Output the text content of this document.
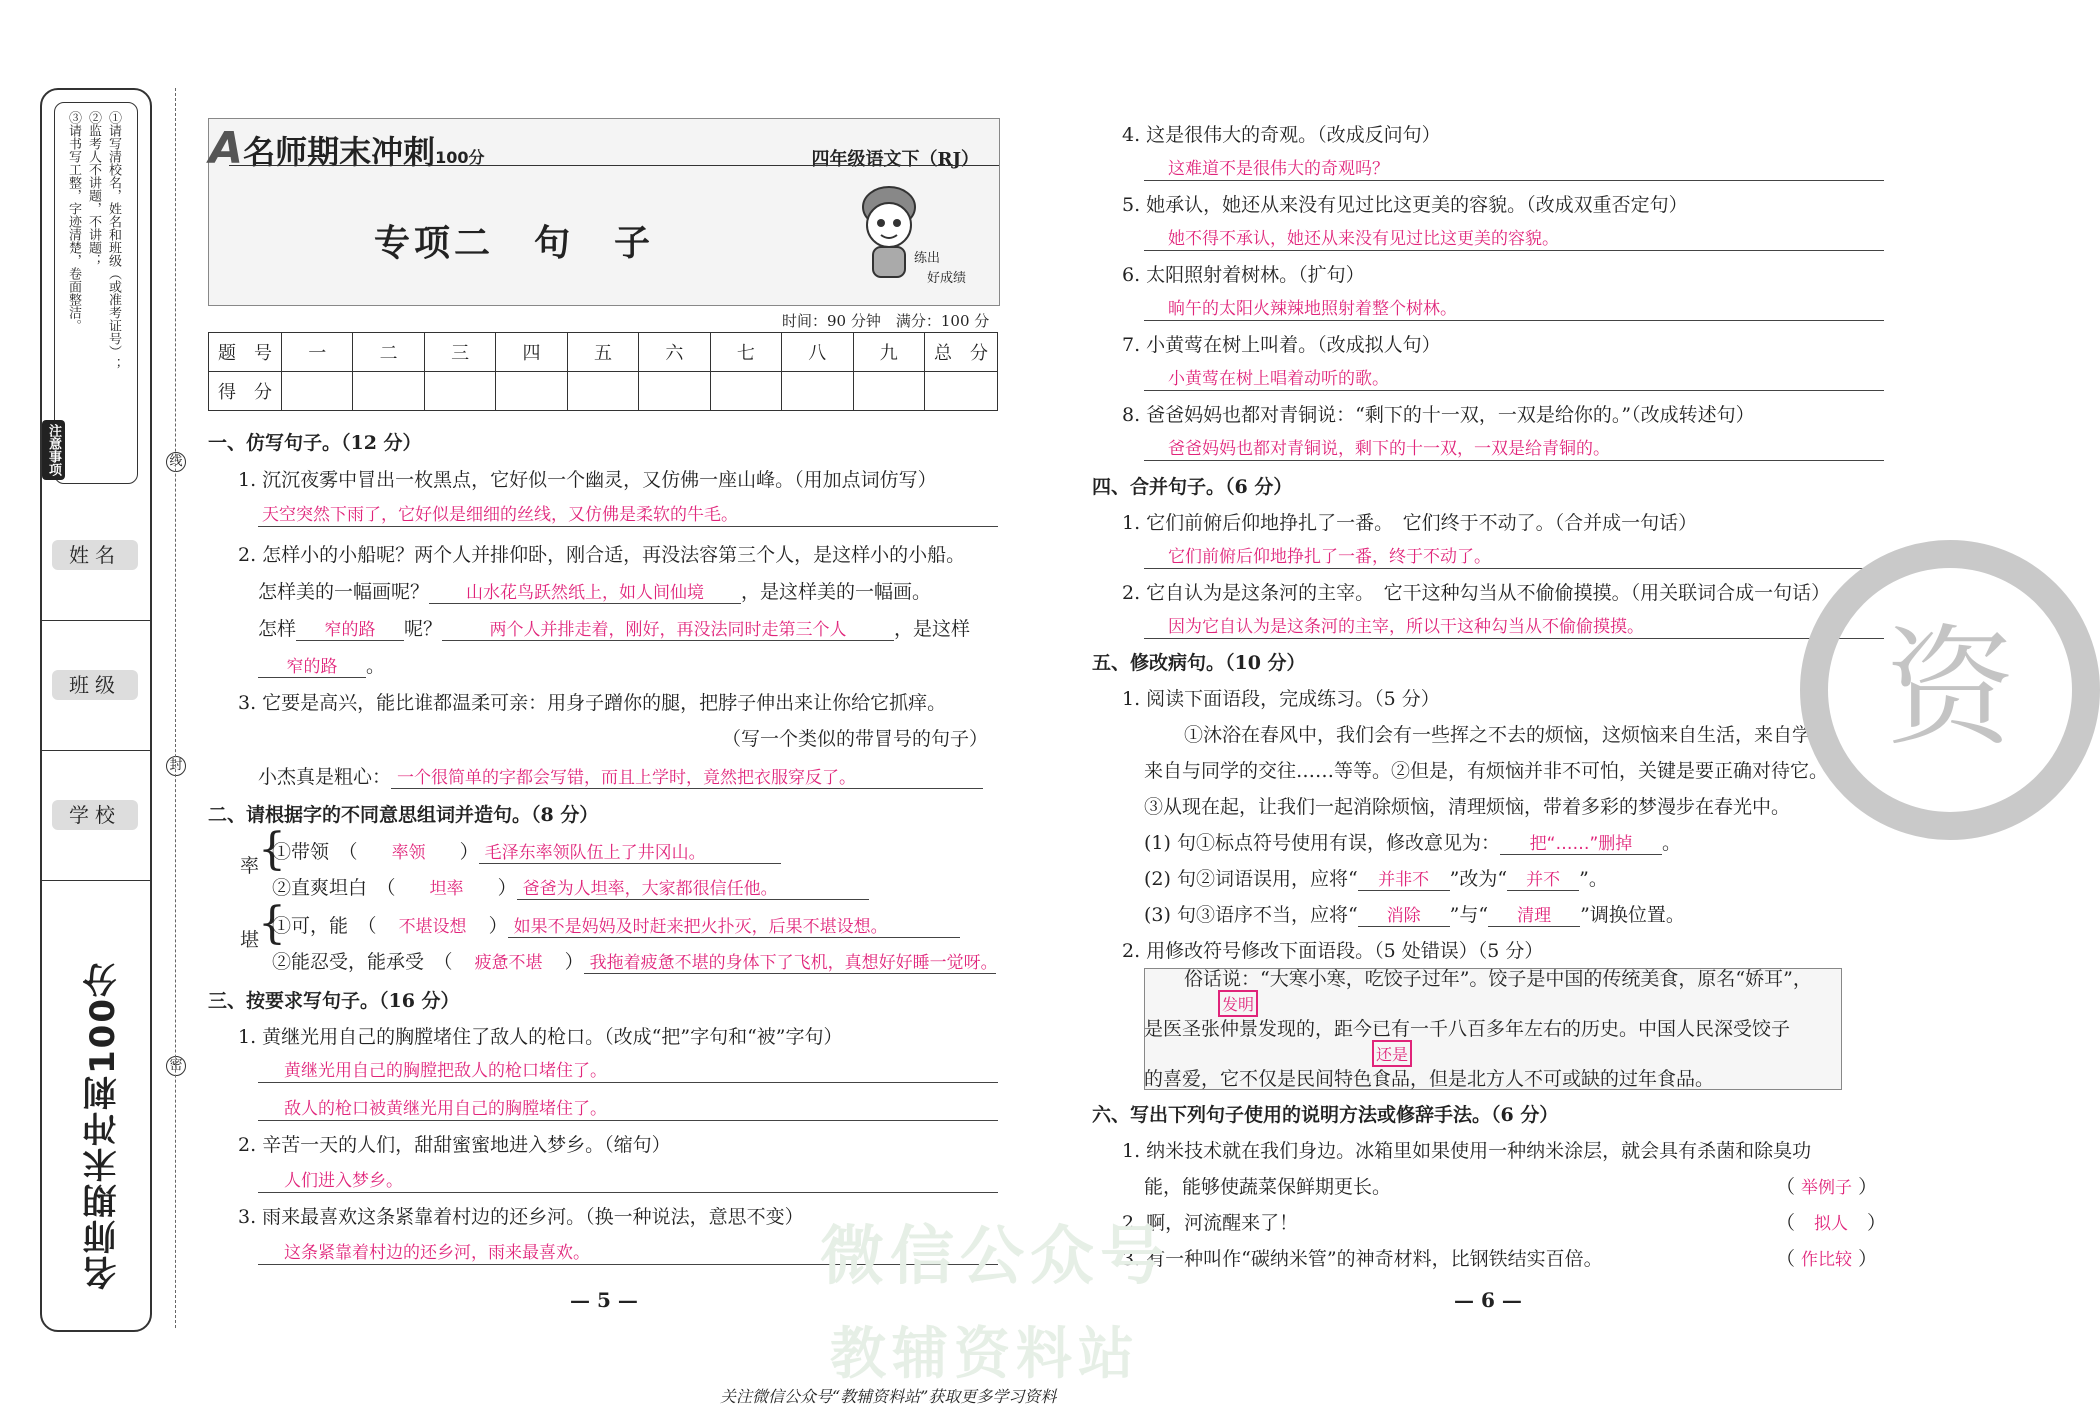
①请写清校名，姓名和班级（或准考证号）；
②监考人不讲题，不讲题；
③请书写工整，字迹清楚，卷面整洁。
注意事项
姓名
班级
学校
名师期末冲刺100分
线
封
密
A名师期末冲刺100分	四年级语文下（RJ）
专项二　句　子	练出
好成绩
时间：90 分钟　满分：100 分
题　号	一	二	三	四	五	六	七	八	九	总　分
得　分										
一、仿写句子。（12 分）
1. 沉沉夜雾中冒出一枚黑点，它好似一个幽灵，又仿佛一座山峰。（用加点词仿写）
天空突然下雨了，它好似是细细的丝线，又仿佛是柔软的牛毛。
2. 怎样小的小船呢？两个人并排仰卧，刚合适，再没法容第三个人，是这样小的小船。
怎样美的一幅画呢？ 山水花鸟跃然纸上，如人间仙境 ，是这样美的一幅画。
怎样 窄的路 呢？	两个人并排走着，刚好，再没法同时走第三个人	，是这样
窄的路 。
3. 它要是高兴，能比谁都温柔可亲：用身子蹭你的腿，把脖子伸出来让你给它抓痒。
（写一个类似的带冒号的句子）
小杰真是粗心： 一个很简单的字都会写错，而且上学时，竟然把衣服穿反了。
二、请根据字的不同意思组词并造句。（8 分）
率
{
①带领　（ 率领 ） 毛泽东率领队伍上了井冈山。
②直爽坦白　（ 坦率 ） 爸爸为人坦率，大家都很信任他。
堪
{
①可，能　（ 不堪设想 ） 如果不是妈妈及时赶来把火扑灭，后果不堪设想。
②能忍受，能承受　（ 疲惫不堪 ） 我拖着疲惫不堪的身体下了飞机，真想好好睡一觉呀。
三、按要求写句子。（16 分）
1. 黄继光用自己的胸膛堵住了敌人的枪口。（改成“把”字句和“被”字句）
黄继光用自己的胸膛把敌人的枪口堵住了。
敌人的枪口被黄继光用自己的胸膛堵住了。
2. 辛苦一天的人们，甜甜蜜蜜地进入梦乡。（缩句）
人们进入梦乡。
3. 雨来最喜欢这条紧靠着村边的还乡河。（换一种说法，意思不变）
这条紧靠着村边的还乡河，雨来最喜欢。
— 5 —
4. 这是很伟大的奇观。（改成反问句）
这难道不是很伟大的奇观吗？
5. 她承认，她还从来没有见过比这更美的容貌。（改成双重否定句）
她不得不承认，她还从来没有见过比这更美的容貌。
6. 太阳照射着树林。（扩句）
晌午的太阳火辣辣地照射着整个树林。
7. 小黄莺在树上叫着。（改成拟人句）
小黄莺在树上唱着动听的歌。
8. 爸爸妈妈也都对青铜说：“剩下的十一双，一双是给你的。”（改成转述句）
爸爸妈妈也都对青铜说，剩下的十一双，一双是给青铜的。
四、合并句子。（6 分）
1. 它们前俯后仰地挣扎了一番。　它们终于不动了。（合并成一句话）
它们前俯后仰地挣扎了一番，终于不动了。
2. 它自认为是这条河的主宰。　它干这种勾当从不偷偷摸摸。（用关联词合成一句话）
因为它自认为是这条河的主宰，所以干这种勾当从不偷偷摸摸。
五、修改病句。（10 分）
1. 阅读下面语段，完成练习。（5 分）
①沐浴在春风中，我们会有一些挥之不去的烦恼，这烦恼来自生活，来自学习，
来自与同学的交往……等等。②但是，有烦恼并非不可怕，关键是要正确对待它。
③从现在起，让我们一起消除烦恼，清理烦恼，带着多彩的梦漫步在春光中。
(1) 句①标点符号使用有误，修改意见为： 把“……”删掉 。
(2) 句②词语误用，应将“ 并非不 ”改为“ 并不 ”。
(3) 句③语序不当，应将“ 消除 ”与“ 清理 ”调换位置。
2. 用修改符号修改下面语段。（5 处错误）（5 分）
俗话说：“大寒小寒，吃饺子过年”。饺子是中国的传统美食，原名“娇耳”，
发明
是医圣张仲景发现的，距今已有一千八百多年左右的历史。中国人民深受饺子
还是
的喜爱，它不仅是民间特色食品，但是北方人不可或缺的过年食品。
六、写出下列句子使用的说明方法或修辞手法。（6 分）
1. 纳米技术就在我们身边。冰箱里如果使用一种纳米涂层，就会具有杀菌和除臭功
能，能够使蔬菜保鲜期更长。	（ 举例子 ）
2. 啊，河流醒来了！	（　拟人　）
3. 有一种叫作“碳纳米管”的神奇材料，比钢铁结实百倍。	（ 作比较 ）
— 6 —
微信公众号
教辅资料站
资
关注微信公众号“教辅资料站”获取更多学习资料
